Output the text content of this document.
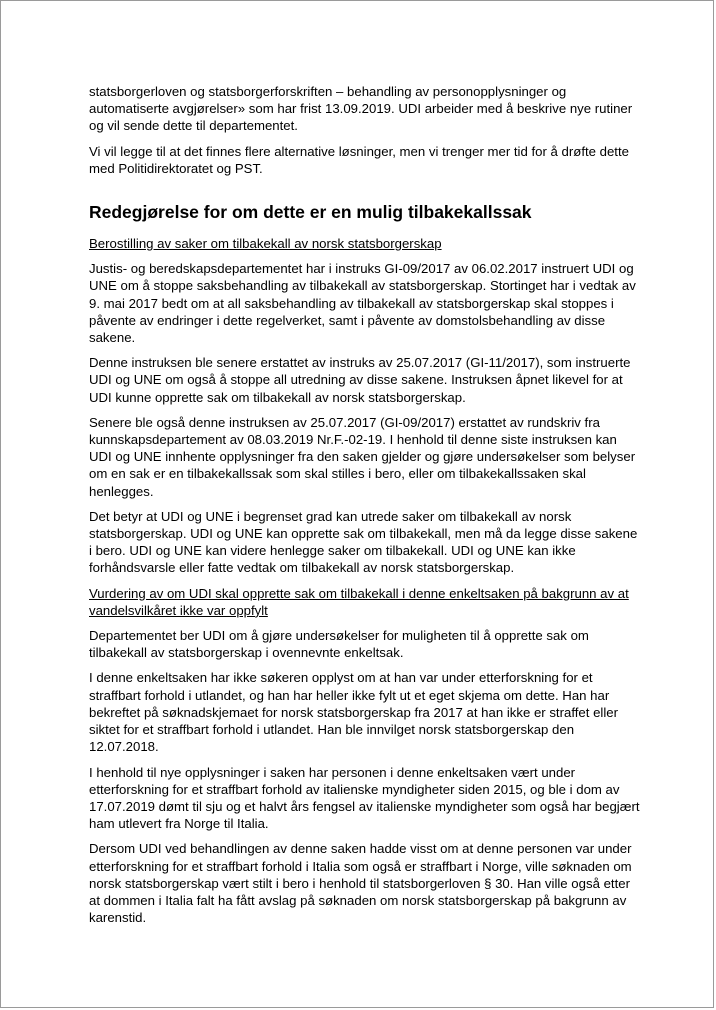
statsborgerloven og statsborgerforskriften – behandling av personopplysninger og automatiserte avgjørelser» som har frist 13.09.2019. UDI arbeider med å beskrive nye rutiner og vil sende dette til departementet.

Vi vil legge til at det finnes flere alternative løsninger, men vi trenger mer tid for å drøfte dette med Politidirektoratet og PST.

Redegjørelse for om dette er en mulig tilbakekallssak

Berostilling av saker om tilbakekall av norsk statsborgerskap

Justis- og beredskapsdepartementet har i instruks GI-09/2017 av 06.02.2017 instruert UDI og UNE om å stoppe saksbehandling av tilbakekall av statsborgerskap. Stortinget har i vedtak av 9. mai 2017 bedt om at all saksbehandling av tilbakekall av statsborgerskap skal stoppes i påvente av endringer i dette regelverket, samt i påvente av domstolsbehandling av disse sakene.

Denne instruksen ble senere erstattet av instruks av 25.07.2017 (GI-11/2017), som instruerte UDI og UNE om også å stoppe all utredning av disse sakene. Instruksen åpnet likevel for at UDI kunne opprette sak om tilbakekall av norsk statsborgerskap.

Senere ble også denne instruksen av 25.07.2017 (GI-09/2017) erstattet av rundskriv fra kunnskapsdepartement av 08.03.2019 Nr.F.-02-19. I henhold til denne siste instruksen kan UDI og UNE innhente opplysninger fra den saken gjelder og gjøre undersøkelser som belyser om en sak er en tilbakekallssak som skal stilles i bero, eller om tilbakekallssaken skal henlegges.

Det betyr at UDI og UNE i begrenset grad kan utrede saker om tilbakekall av norsk statsborgerskap. UDI og UNE kan opprette sak om tilbakekall, men må da legge disse sakene i bero. UDI og UNE kan videre henlegge saker om tilbakekall. UDI og UNE kan ikke forhåndsvarsle eller fatte vedtak om tilbakekall av norsk statsborgerskap.

Vurdering av om UDI skal opprette sak om tilbakekall i denne enkeltsaken på bakgrunn av at vandelsvilkåret ikke var oppfylt

Departementet ber UDI om å gjøre undersøkelser for muligheten til å opprette sak om tilbakekall av statsborgerskap i ovennevnte enkeltsak.

I denne enkeltsaken har ikke søkeren opplyst om at han var under etterforskning for et straffbart forhold i utlandet, og han har heller ikke fylt ut et eget skjema om dette. Han har bekreftet på søknadskjemaet for norsk statsborgerskap fra 2017 at han ikke er straffet eller siktet for et straffbart forhold i utlandet. Han ble innvilget norsk statsborgerskap den 12.07.2018.

I henhold til nye opplysninger i saken har personen i denne enkeltsaken vært under etterforskning for et straffbart forhold av italienske myndigheter siden 2015, og ble i dom av 17.07.2019 dømt til sju og et halvt års fengsel av italienske myndigheter som også har begjært ham utlevert fra Norge til Italia.

Dersom UDI ved behandlingen av denne saken hadde visst om at denne personen var under etterforskning for et straffbart forhold i Italia som også er straffbart i Norge, ville søknaden om norsk statsborgerskap vært stilt i bero i henhold til statsborgerloven § 30. Han ville også etter at dommen i Italia falt ha fått avslag på søknaden om norsk statsborgerskap på bakgrunn av karenstid.
